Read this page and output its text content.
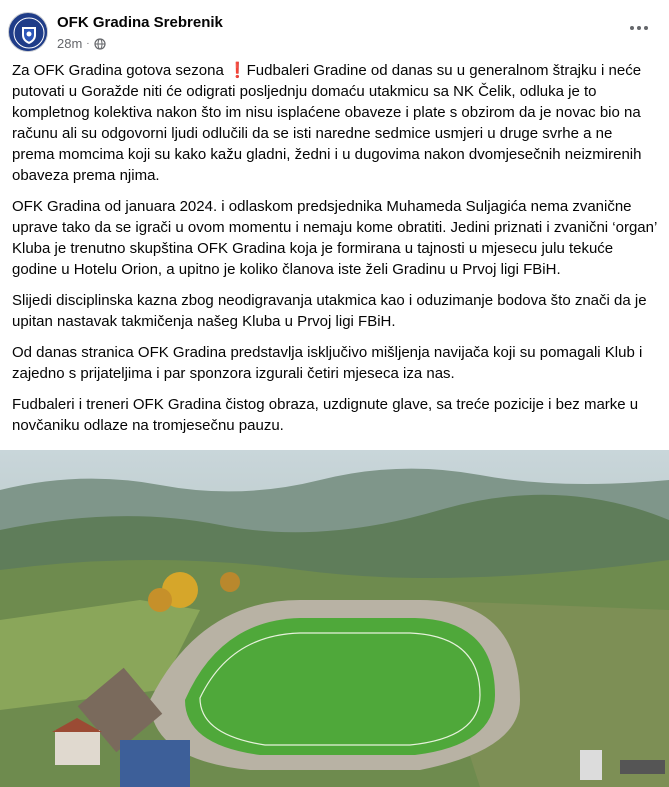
OFK Gradina Srebrenik
28m ·

Za OFK Gradina gotova sezona ❗Fudbaleri Gradine od danas su u generalnom štrajku i neće putovati u Goražde niti će odigrati posljednju domaću utakmicu sa NK Čelik, odluka je to kompletnog kolektiva nakon što im nisu isplaćene obaveze i plate s obzirom da je novac bio na računu ali su odgovorni ljudi odlučili da se isti naredne sedmice usmjeri u druge svrhe a ne prema momcima koji su kako kažu gladni, žedni i u dugovima nakon dvomjesečnih neizmirenih obaveza prema njima.

OFK Gradina od januara 2024. i odlaskom predsjednika Muhameda Suljagića nema zvanične uprave tako da se igrači u ovom momentu i nemaju kome obratiti. Jedini priznati i zvanični ‘organ’ Kluba je trenutno skupština OFK Gradina koja je formirana u tajnosti u mjesecu julu tekuće godine u Hotelu Orion, a upitno je koliko članova iste želi Gradinu u Prvoj ligi FBiH.

Slijedi disciplinska kazna zbog neodigravanja utakmica kao i oduzimanje bodova što znači da je upitan nastavak takmičenja našeg Kluba u Prvoj ligi FBiH.

Od danas stranica OFK Gradina predstavlja isključivo mišljenja navijača koji su pomagali Klub i zajedno s prijateljima i par sponzora izgurali četiri mjeseca iza nas.

Fudbaleri i treneri OFK Gradina čistog obraza, uzdignute glave, sa treće pozicije i bez marke u novčaniku odlaze na tromjesečnu pauzu.
